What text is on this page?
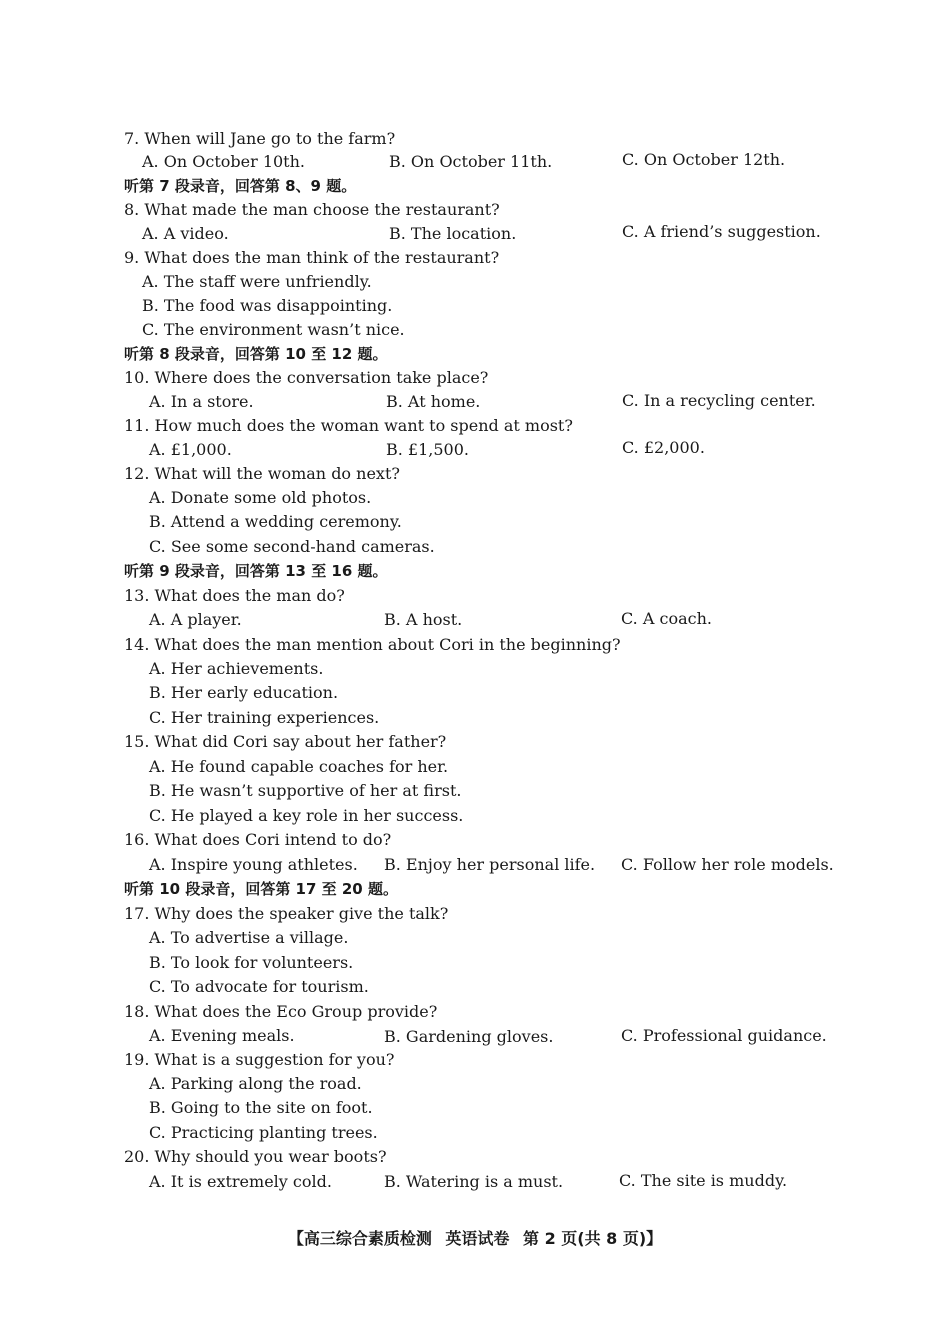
7. When will Jane go to the farm?
A. On October 10th.	B. On October 11th.	C. On October 12th.
听第 7 段录音，回答第 8、9 题。
8. What made the man choose the restaurant?
A. A video.	B. The location.	C. A friend’s suggestion.
9. What does the man think of the restaurant?
A. The staff were unfriendly.
B. The food was disappointing.
C. The environment wasn’t nice.
听第 8 段录音，回答第 10 至 12 题。
10. Where does the conversation take place?
A. In a store.	B. At home.	C. In a recycling center.
11. How much does the woman want to spend at most?
A. £1,000.	B. £1,500.	C. £2,000.
12. What will the woman do next?
A. Donate some old photos.
B. Attend a wedding ceremony.
C. See some second-hand cameras.
听第 9 段录音，回答第 13 至 16 题。
13. What does the man do?
A. A player.	B. A host.	C. A coach.
14. What does the man mention about Cori in the beginning?
A. Her achievements.
B. Her early education.
C. Her training experiences.
15. What did Cori say about her father?
A. He found capable coaches for her.
B. He wasn’t supportive of her at first.
C. He played a key role in her success.
16. What does Cori intend to do?
A. Inspire young athletes. B. Enjoy her personal life. C. Follow her role models.
听第 10 段录音，回答第 17 至 20 题。
17. Why does the speaker give the talk?
A. To advertise a village.
B. To look for volunteers.
C. To advocate for tourism.
18. What does the Eco Group provide?
A. Evening meals.	B. Gardening gloves.	C. Professional guidance.
19. What is a suggestion for you?
A. Parking along the road.
B. Going to the site on foot.
C. Practicing planting trees.
20. Why should you wear boots?
A. It is extremely cold.	B. Watering is a must.	C. The site is muddy.
【高三综合素质检测 英语试卷 第 2 页(共 8 页)】
